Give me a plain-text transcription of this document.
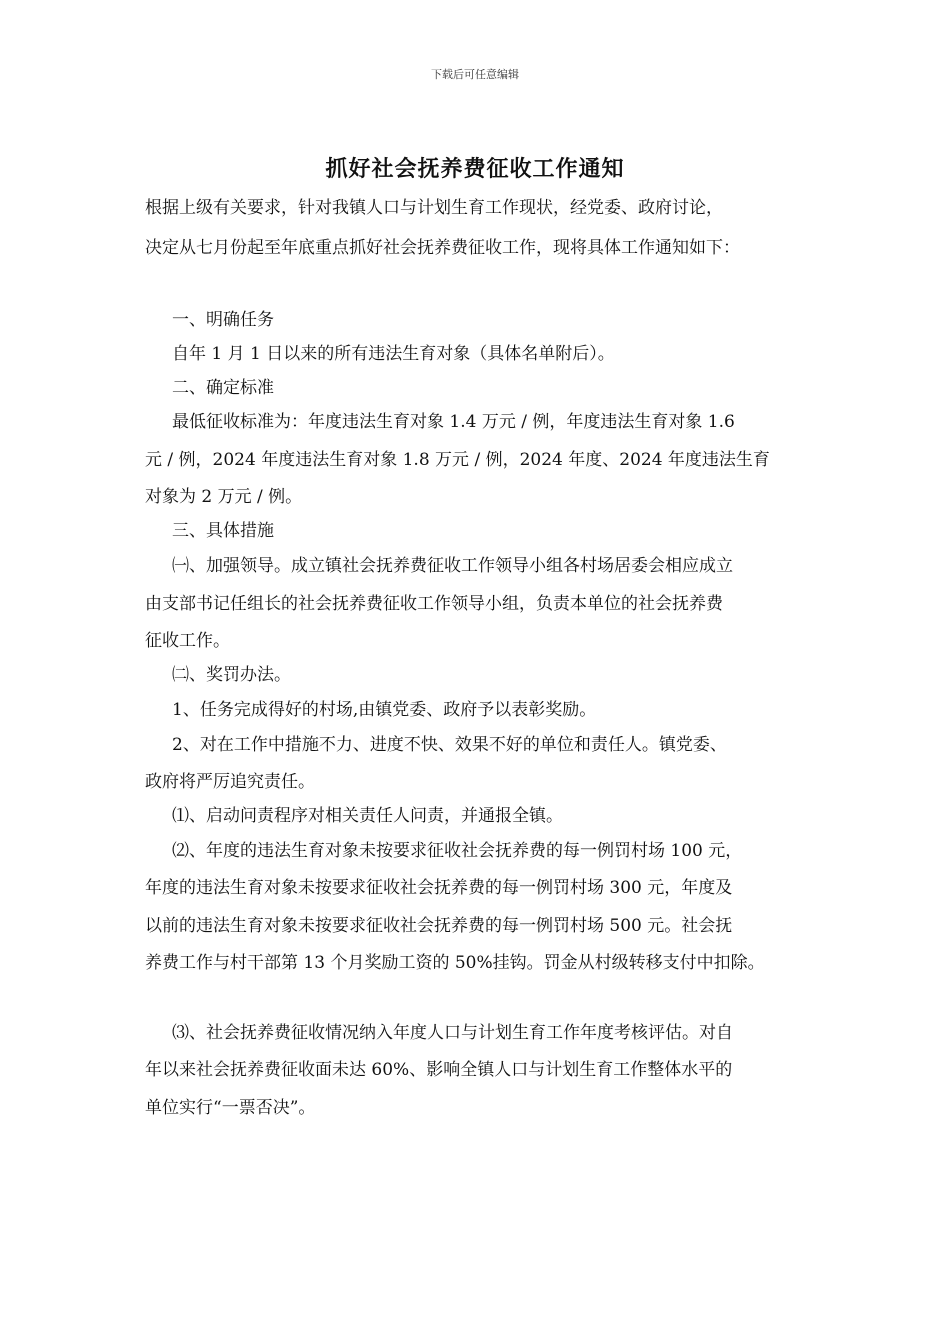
下载后可任意编辑
抓好社会抚养费征收工作通知
根据上级有关要求，针对我镇人口与计划生育工作现状，经党委、政府讨论，
决定从七月份起至年底重点抓好社会抚养费征收工作，现将具体工作通知如下：
一、明确任务
自年 1 月 1 日以来的所有违法生育对象（具体名单附后）。
二、确定标准
最低征收标准为：年度违法生育对象 1.4 万元 / 例，年度违法生育对象 1.6
元 / 例，2024 年度违法生育对象 1.8 万元 / 例，2024 年度、2024 年度违法生育
对象为 2 万元 / 例。
三、具体措施
㈠、加强领导。成立镇社会抚养费征收工作领导小组各村场居委会相应成立
由支部书记任组长的社会抚养费征收工作领导小组，负责本单位的社会抚养费
征收工作。
㈡、奖罚办法。
1、任务完成得好的村场,由镇党委、政府予以表彰奖励。
2、对在工作中措施不力、进度不快、效果不好的单位和责任人。镇党委、
政府将严厉追究责任。
⑴、启动问责程序对相关责任人问责，并通报全镇。
⑵、年度的违法生育对象未按要求征收社会抚养费的每一例罚村场 100 元，
年度的违法生育对象未按要求征收社会抚养费的每一例罚村场 300 元，年度及
以前的违法生育对象未按要求征收社会抚养费的每一例罚村场 500 元。社会抚
养费工作与村干部第 13 个月奖励工资的 50%挂钩。罚金从村级转移支付中扣除。
⑶、社会抚养费征收情况纳入年度人口与计划生育工作年度考核评估。对自
年以来社会抚养费征收面未达 60%、影响全镇人口与计划生育工作整体水平的
单位实行“一票否决”。
